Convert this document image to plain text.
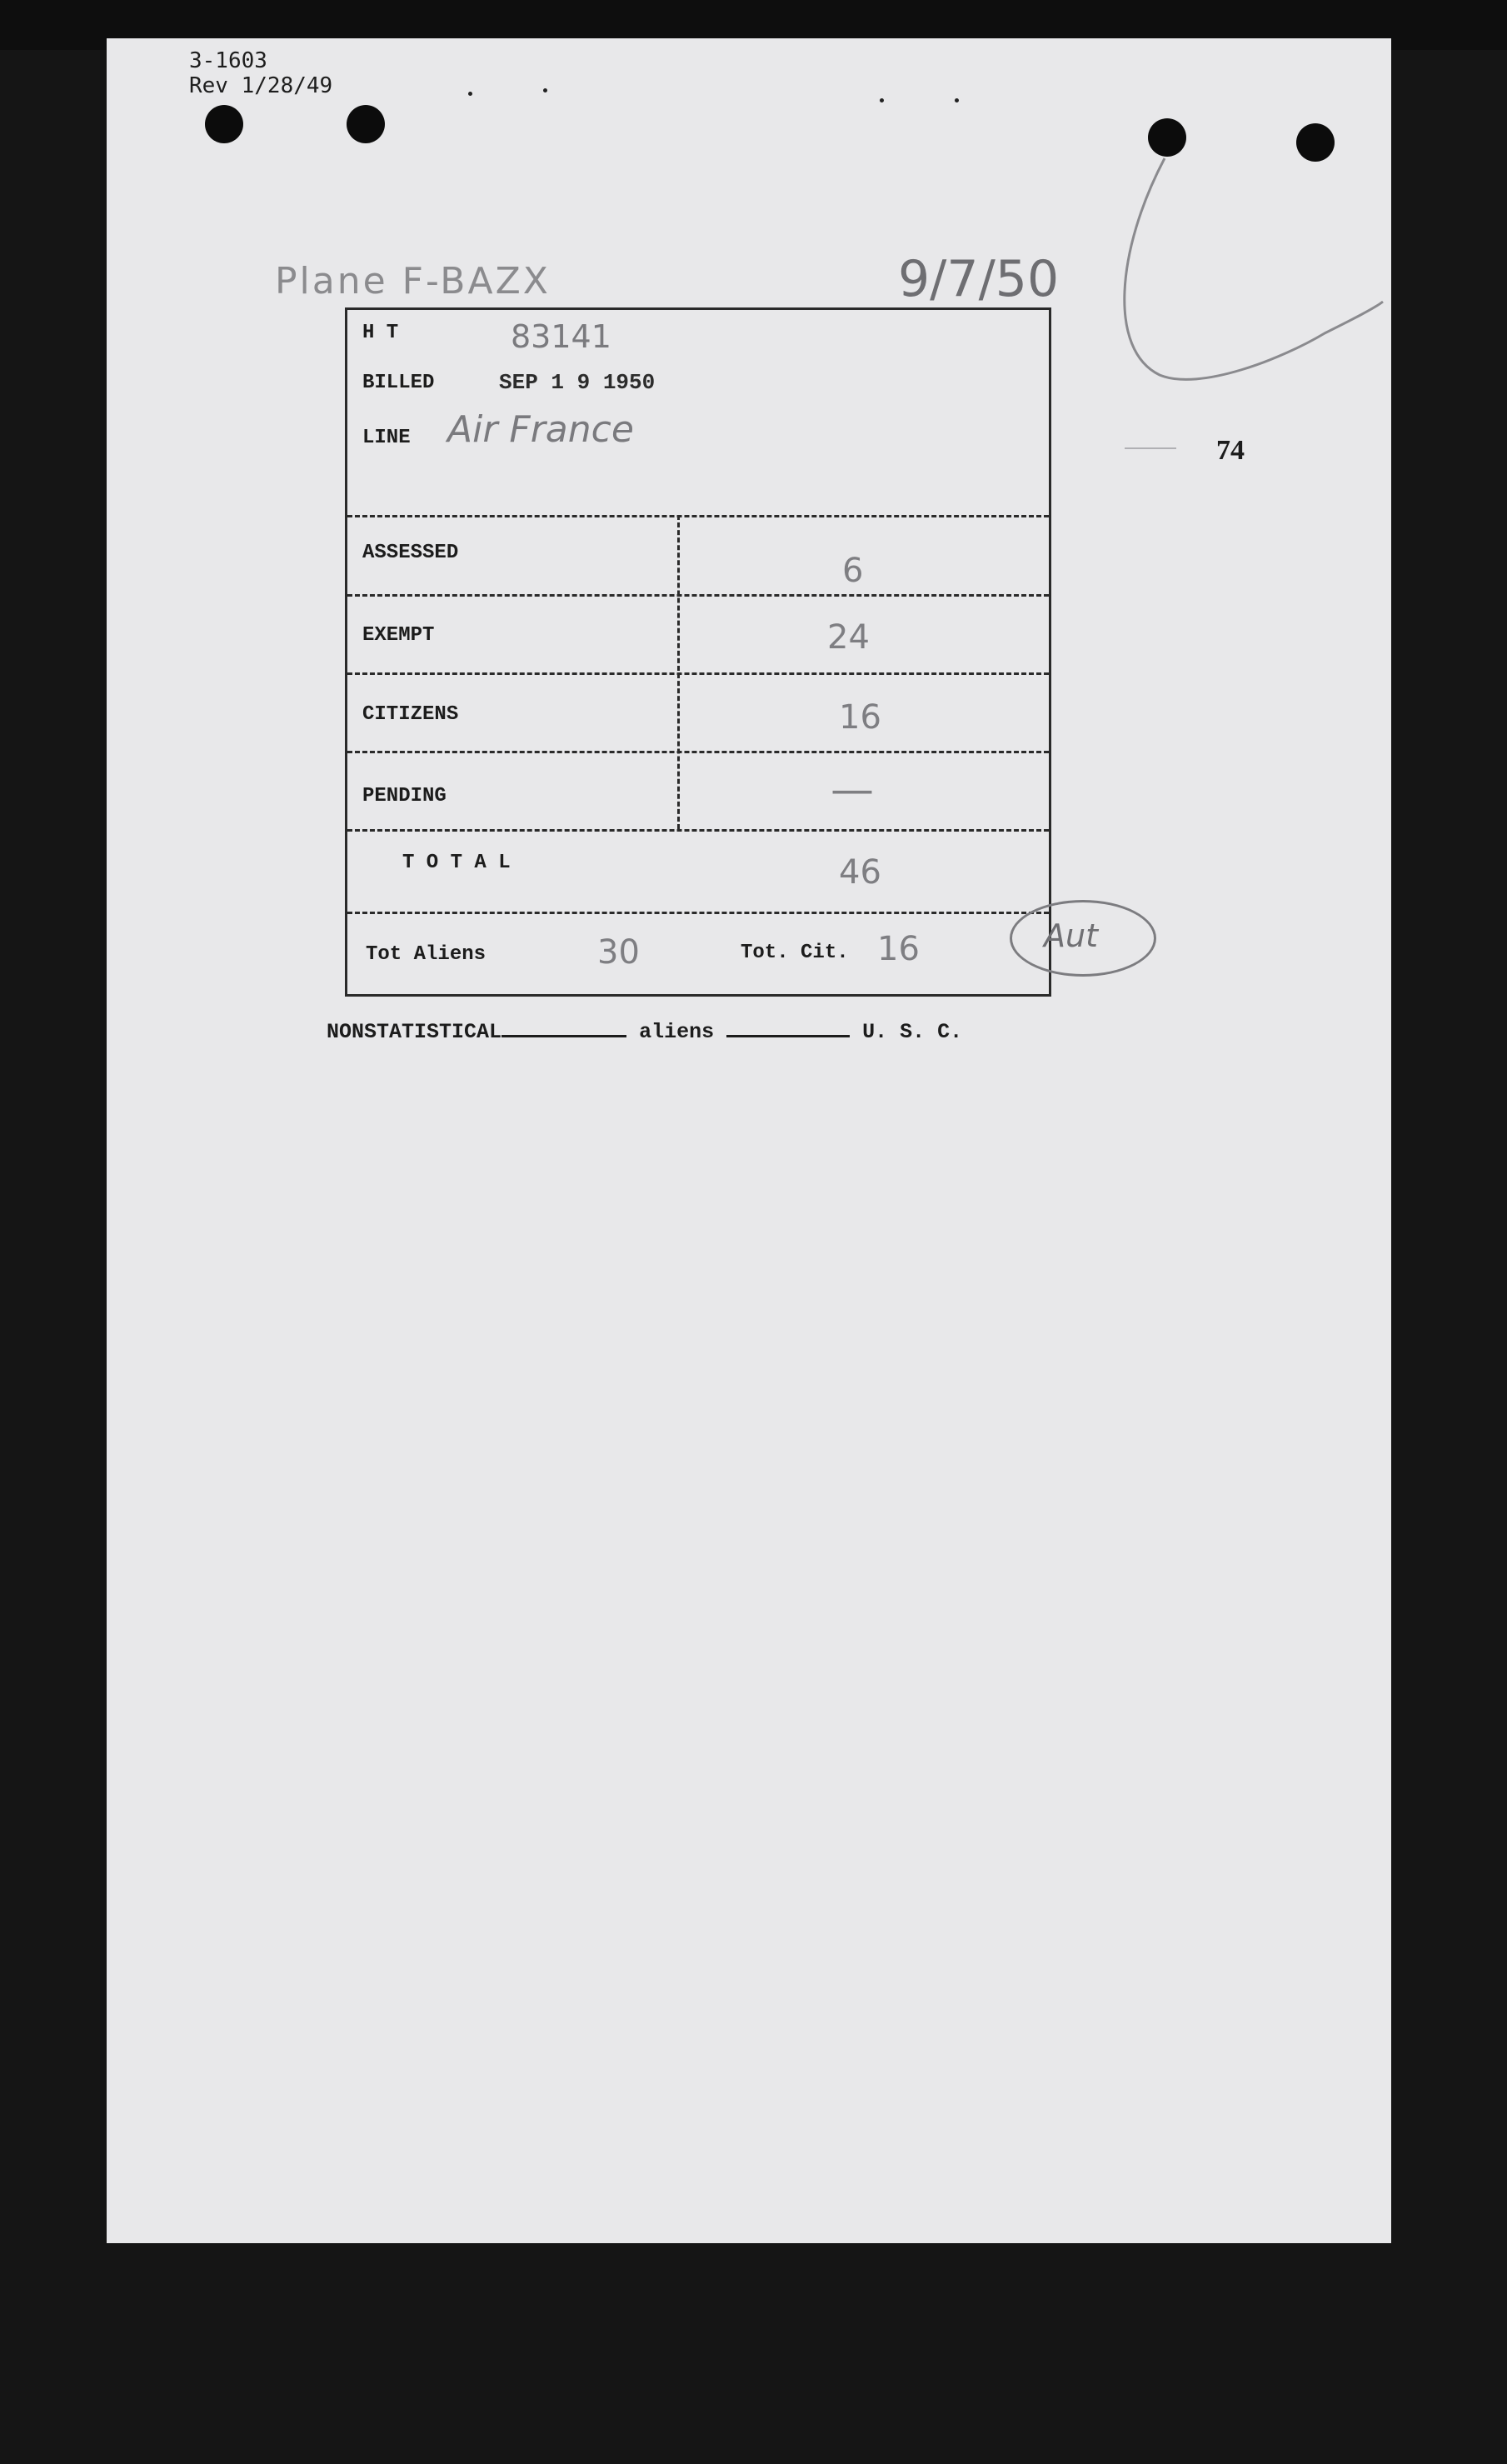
3-1603
Rev 1/28/49
Plane F-BAZX	9/7/50
74
H T	83141
BILLED	SEP 1 9 1950
LINE Air France
ASSESSED	6
EXEMPT	24
CITIZENS	16
PENDING	—
T O T A L	46
Tot Aliens	30	Tot. Cit. 16	Aut
NONSTATISTICAL	aliens	U. S. C.
